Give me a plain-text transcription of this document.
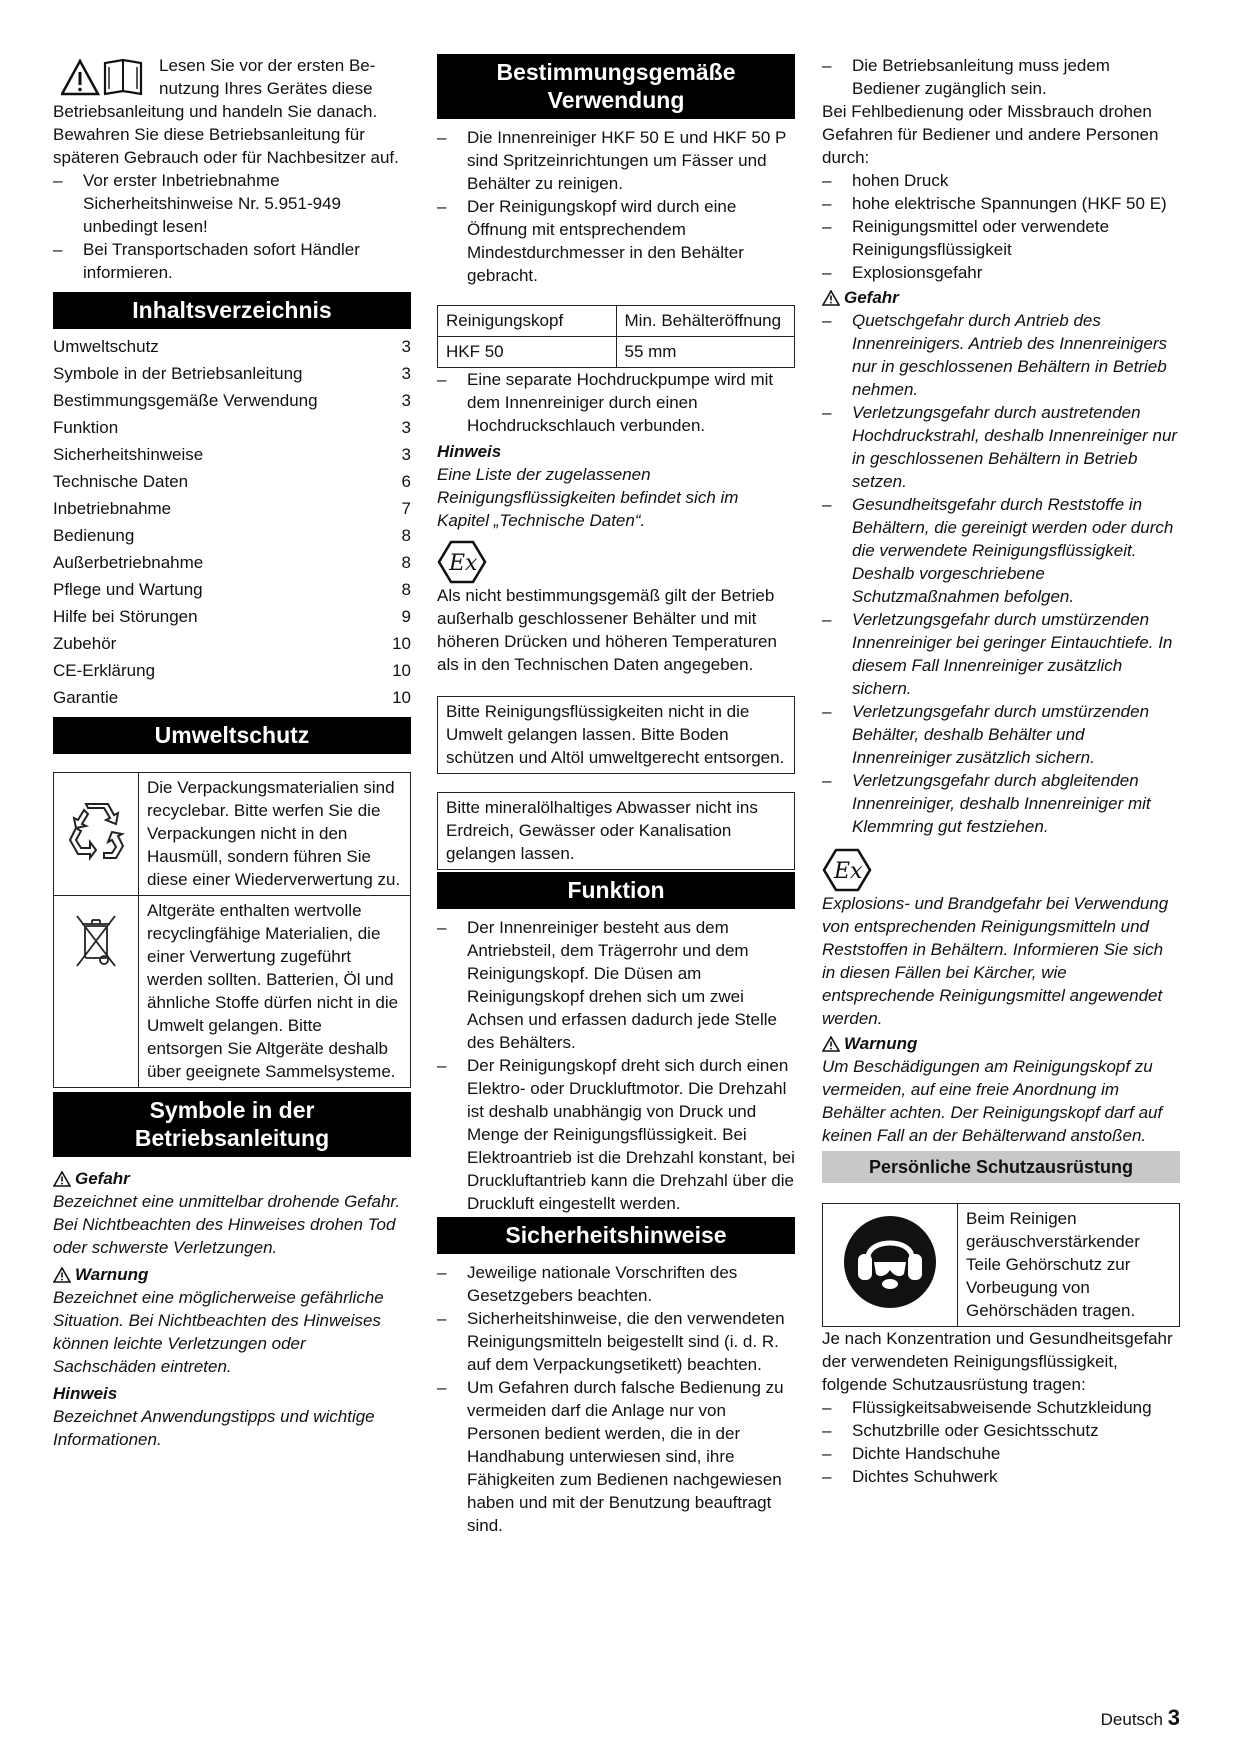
Lesen Sie vor der ersten Be-

nutzung Ihres Gerätes diese

Betriebsanleitung und handeln Sie danach. Bewahren Sie diese Betriebsanleitung für späteren Gebrauch oder für Nachbesitzer auf.

–	Vor erster Inbetriebnahme Sicherheitshinweise Nr. 5.951-949 unbedingt lesen!
–	Bei Transportschaden sofort Händler informieren.
Inhaltsverzeichnis
Umweltschutz	3
Symbole in der Betriebsanleitung	3
Bestimmungsgemäße Verwendung	3
Funktion	3
Sicherheitshinweise	3
Technische Daten	6
Inbetriebnahme	7
Bedienung	8
Außerbetriebnahme	8
Pflege und Wartung	8
Hilfe bei Störungen	9
Zubehör	10
CE-Erklärung	10
Garantie	10
Umweltschutz
	Die Verpackungsmaterialien sind recyclebar. Bitte werfen Sie die Verpackungen nicht in den Hausmüll, sondern führen Sie diese einer Wiederverwertung zu.
	Altgeräte enthalten wertvolle recyclingfähige Materialien, die einer Verwertung zugeführt werden sollten. Batterien, Öl und ähnliche Stoffe dürfen nicht in die Umwelt gelangen. Bitte entsorgen Sie Altgeräte deshalb über geeignete Sammelsysteme.
Symbole in der Betriebsanleitung
Gefahr

Bezeichnet eine unmittelbar drohende Gefahr. Bei Nichtbeachten des Hinweises drohen Tod oder schwerste Verletzungen.

Warnung

Bezeichnet eine möglicherweise gefährliche Situation. Bei Nichtbeachten des Hinweises können leichte Verletzungen oder Sachschäden eintreten.

Hinweis

Bezeichnet Anwendungstipps und wichtige Informationen.

Bestimmungsgemäße Verwendung
–	Die Innenreiniger HKF 50 E und HKF 50 P sind Spritzeinrichtungen um Fässer und Behälter zu reinigen.
–	Der Reinigungskopf wird durch eine Öffnung mit entsprechendem Mindestdurchmesser in den Behälter gebracht.
Reinigungskopf	Min. Behälteröffnung
HKF 50	55 mm
–	Eine separate Hochdruckpumpe wird mit dem Innenreiniger durch einen Hochdruckschlauch verbunden.

Hinweis

Eine Liste der zugelassenen Reinigungsflüssigkeiten befindet sich im Kapitel „Technische Daten“.

Ex

Als nicht bestimmungsgemäß gilt der Betrieb außerhalb geschlossener Behälter und mit höheren Drücken und höheren Temperaturen als in den Technischen Daten angegeben.

Bitte Reinigungsflüssigkeiten nicht in die Umwelt gelangen lassen. Bitte Boden schützen und Altöl umweltgerecht entsorgen.
Bitte mineralölhaltiges Abwasser nicht ins Erdreich, Gewässer oder Kanalisation gelangen lassen.
Funktion
–	Der Innenreiniger besteht aus dem Antriebsteil, dem Trägerrohr und dem Reinigungskopf. Die Düsen am Reinigungskopf drehen sich um zwei Achsen und erfassen dadurch jede Stelle des Behälters.
–	Der Reinigungskopf dreht sich durch einen Elektro- oder Druckluftmotor. Die Drehzahl ist deshalb unabhängig von Druck und Menge der Reinigungsflüssigkeit. Bei Elektroantrieb ist die Drehzahl konstant, bei Druckluftantrieb kann die Drehzahl über die Druckluft eingestellt werden.
Sicherheitshinweise
–	Jeweilige nationale Vorschriften des Gesetzgebers beachten.
–	Sicherheitshinweise, die den verwendeten Reinigungsmitteln beigestellt sind (i. d. R. auf dem Verpackungsetikett) beachten.
–	Um Gefahren durch falsche Bedienung zu vermeiden darf die Anlage nur von Personen bedient werden, die in der Handhabung unterwiesen sind, ihre Fähigkeiten zum Bedienen nachgewiesen haben und mit der Benutzung beauftragt sind.
–	Die Betriebsanleitung muss jedem Bediener zugänglich sein.

Bei Fehlbedienung oder Missbrauch drohen Gefahren für Bediener und andere Personen durch:

–	hohen Druck
–	hohe elektrische Spannungen (HKF 50 E)
–	Reinigungsmittel oder verwendete Reinigungsflüssigkeit
–	Explosionsgefahr
Gefahr
–	Quetschgefahr durch Antrieb des Innenreinigers. Antrieb des Innenreinigers nur in geschlossenen Behältern in Betrieb nehmen.
–	Verletzungsgefahr durch austretenden Hochdruckstrahl, deshalb Innenreiniger nur in geschlossenen Behältern in Betrieb setzen.
–	Gesundheitsgefahr durch Reststoffe in Behältern, die gereinigt werden oder durch die verwendete Reinigungsflüssigkeit. Deshalb vorgeschriebene Schutzmaßnahmen befolgen.
–	Verletzungsgefahr durch umstürzenden Innenreiniger bei geringer Eintauchtiefe. In diesem Fall Innenreiniger zusätzlich sichern.
–	Verletzungsgefahr durch umstürzenden Behälter, deshalb Behälter und Innenreiniger zusätzlich sichern.
–	Verletzungsgefahr durch abgleitenden Innenreiniger, deshalb Innenreiniger mit Klemmring gut festziehen.
Ex

Explosions- und Brandgefahr bei Verwendung von entsprechenden Reinigungsmitteln und Reststoffen in Behältern. Informieren Sie sich in diesen Fällen bei Kärcher, wie entsprechende Reinigungsmittel angewendet werden.

Warnung

Um Beschädigungen am Reinigungskopf zu vermeiden, auf eine freie Anordnung im Behälter achten. Der Reinigungskopf darf auf keinen Fall an der Behälterwand anstoßen.

Persönliche Schutzausrüstung
	Beim Reinigen geräuschverstärkender Teile Gehörschutz zur Vorbeugung von Gehörschäden tragen.

Je nach Konzentration und Gesundheitsgefahr der verwendeten Reinigungsflüssigkeit, folgende Schutzausrüstung tragen:

–	Flüssigkeitsabweisende Schutzkleidung
–	Schutzbrille oder Gesichtsschutz
–	Dichte Handschuhe
–	Dichtes Schuhwerk
Deutsch 3
